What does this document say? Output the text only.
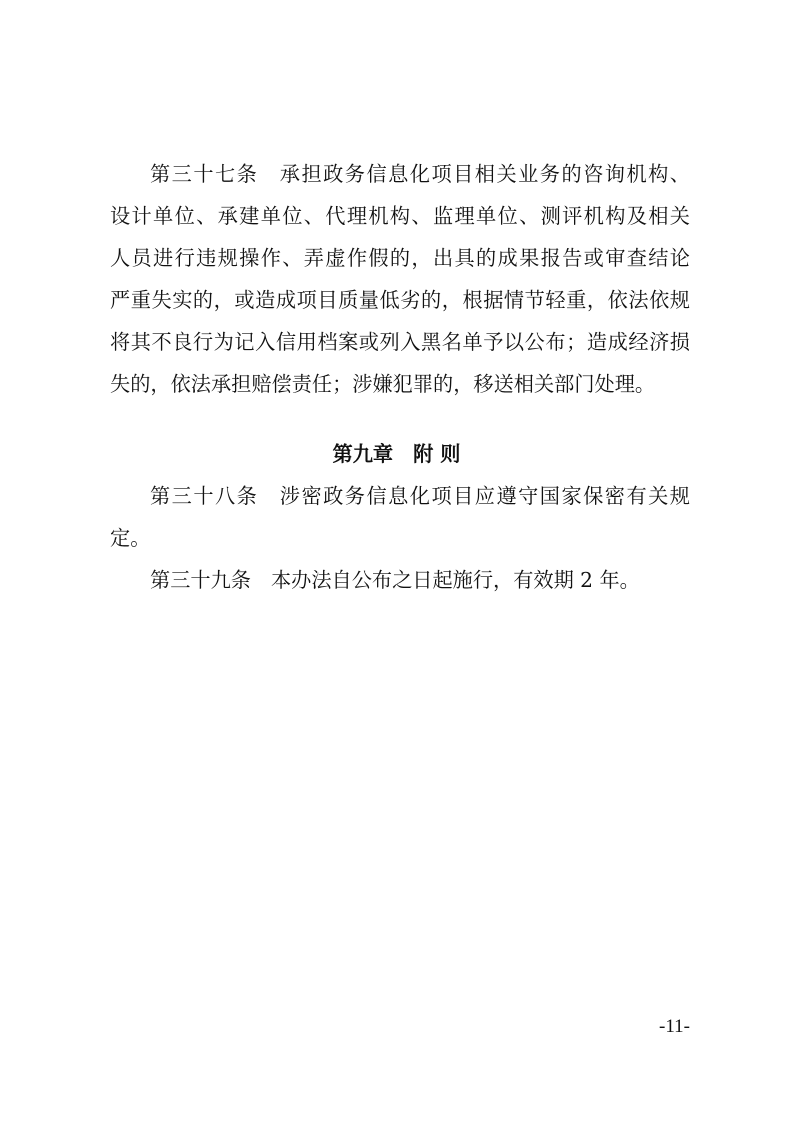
第三十七条 承担政务信息化项目相关业务的咨询机构、
设计单位、承建单位、代理机构、监理单位、测评机构及相关
人员进行违规操作、弄虚作假的，出具的成果报告或审查结论
严重失实的，或造成项目质量低劣的，根据情节轻重，依法依规
将其不良行为记入信用档案或列入黑名单予以公布；造成经济损
失的，依法承担赔偿责任；涉嫌犯罪的，移送相关部门处理。
第九章 附 则
第三十八条 涉密政务信息化项目应遵守国家保密有关规
定。
第三十九条 本办法自公布之日起施行，有效期 2 年。
-11-
